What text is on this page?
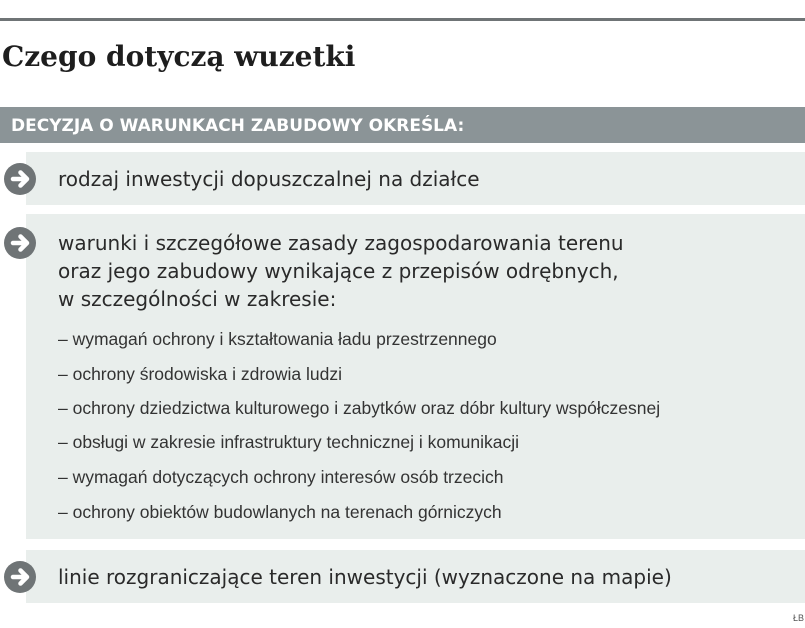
Czego dotyczą wuzetki
DECYZJA O WARUNKACH ZABUDOWY OKREŚLA:
rodzaj inwestycji dopuszczalnej na działce
warunki i szczegółowe zasady zagospodarowania terenu
oraz jego zabudowy wynikające z przepisów odrębnych,
w szczególności w zakresie:
– wymagań ochrony i kształtowania ładu przestrzennego
– ochrony środowiska i zdrowia ludzi
– ochrony dziedzictwa kulturowego i zabytków oraz dóbr kultury współczesnej
– obsługi w zakresie infrastruktury technicznej i komunikacji
– wymagań dotyczących ochrony interesów osób trzecich
– ochrony obiektów budowlanych na terenach górniczych
linie rozgraniczające teren inwestycji (wyznaczone na mapie)
ŁB
